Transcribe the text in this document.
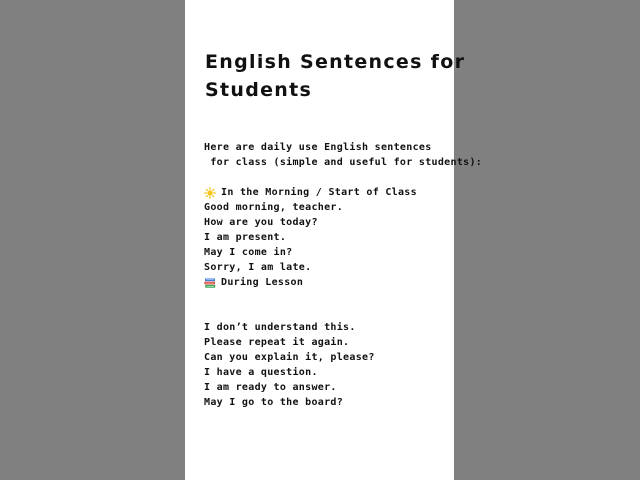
English Sentences for
Students
Here are daily use English sentences
for class (simple and useful for students):
In the Morning / Start of Class
Good morning, teacher.
How are you today?
I am present.
May I come in?
Sorry, I am late.
During Lesson
I don’t understand this.
Please repeat it again.
Can you explain it, please?
I have a question.
I am ready to answer.
May I go to the board?
